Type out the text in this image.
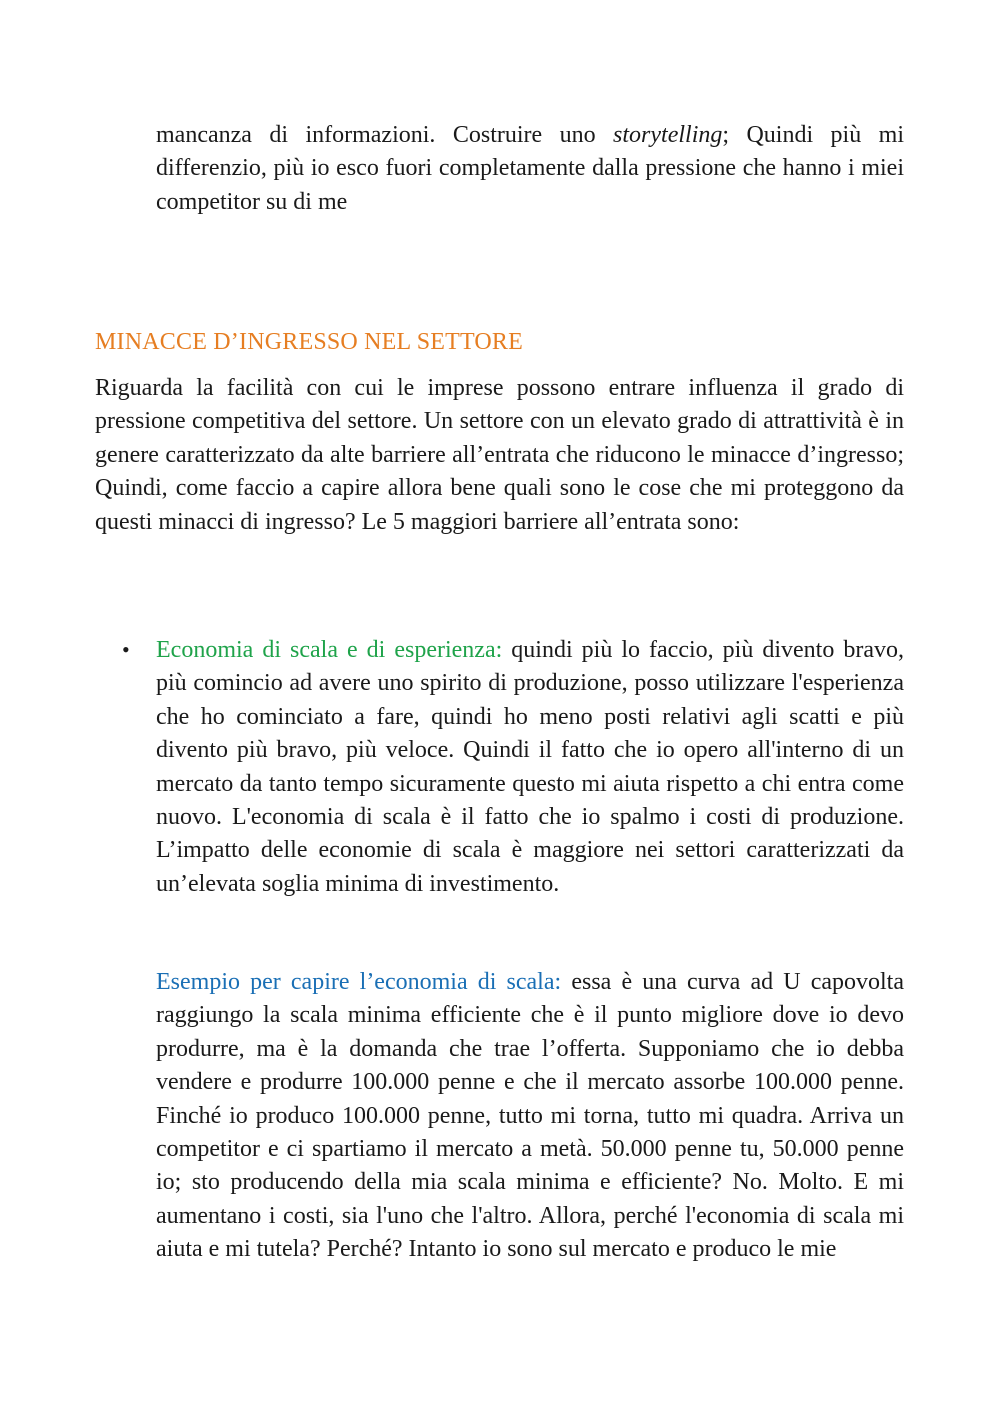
mancanza di informazioni. Costruire uno storytelling; Quindi più mi differenzio, più io esco fuori completamente dalla pressione che hanno i miei competitor su di me

MINACCE D’INGRESSO NEL SETTORE

Riguarda la facilità con cui le imprese possono entrare influenza il grado di pressione competitiva del settore. Un settore con un elevato grado di attrattività è in genere caratterizzato da alte barriere all’entrata che riducono le minacce d’ingresso; Quindi, come faccio a capire allora bene quali sono le cose che mi proteggono da questi minacci di ingresso? Le 5 maggiori barriere all’entrata sono:

• Economia di scala e di esperienza: quindi più lo faccio, più divento bravo, più comincio ad avere uno spirito di produzione, posso utilizzare l'esperienza che ho cominciato a fare, quindi ho meno posti relativi agli scatti e più divento più bravo, più veloce. Quindi il fatto che io opero all'interno di un mercato da tanto tempo sicuramente questo mi aiuta rispetto a chi entra come nuovo. L'economia di scala è il fatto che io spalmo i costi di produzione. L’impatto delle economie di scala è maggiore nei settori caratterizzati da un’elevata soglia minima di investimento.

Esempio per capire l’economia di scala: essa è una curva ad U capovolta raggiungo la scala minima efficiente che è il punto migliore dove io devo produrre, ma è la domanda che trae l’offerta. Supponiamo che io debba vendere e produrre 100.000 penne e che il mercato assorbe 100.000 penne. Finché io produco 100.000 penne, tutto mi torna, tutto mi quadra. Arriva un competitor e ci spartiamo il mercato a metà. 50.000 penne tu, 50.000 penne io; sto producendo della mia scala minima e efficiente? No. Molto. E mi aumentano i costi, sia l'uno che l'altro. Allora, perché l'economia di scala mi aiuta e mi tutela? Perché? Intanto io sono sul mercato e produco le mie
